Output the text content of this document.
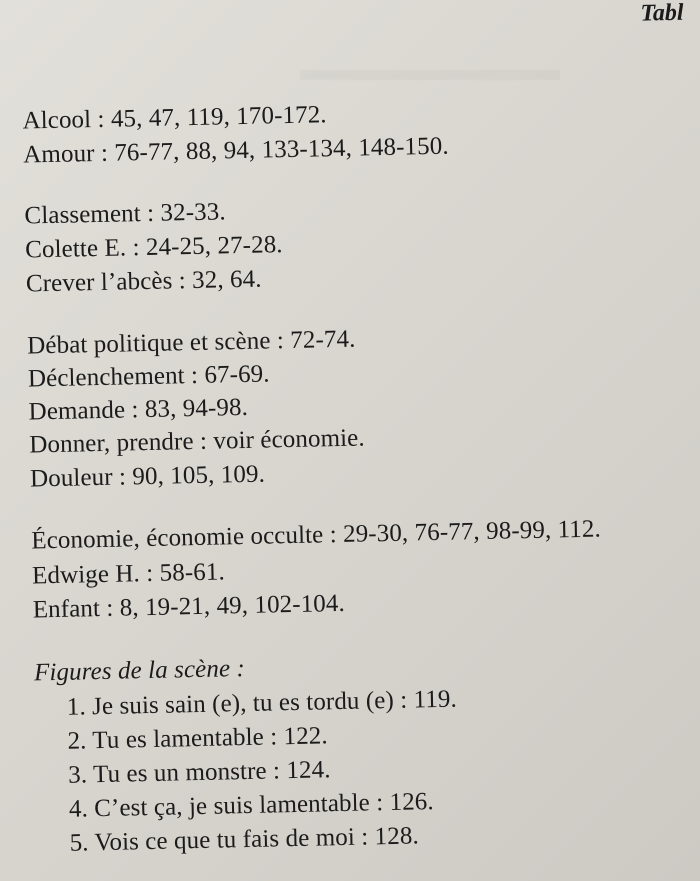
Tabl
Alcool : 45, 47, 119, 170-172.
Amour : 76-77, 88, 94, 133-134, 148-150.
Classement : 32-33.
Colette E. : 24-25, 27-28.
Crever l’abcès : 32, 64.
Débat politique et scène : 72-74.
Déclenchement : 67-69.
Demande : 83, 94-98.
Donner, prendre : voir économie.
Douleur : 90, 105, 109.
Économie, économie occulte : 29-30, 76-77, 98-99, 112.
Edwige H. : 58-61.
Enfant : 8, 19-21, 49, 102-104.
Figures de la scène :
1. Je suis sain (e), tu es tordu (e) : 119.
2. Tu es lamentable : 122.
3. Tu es un monstre : 124.
4. C’est ça, je suis lamentable : 126.
5. Vois ce que tu fais de moi : 128.
